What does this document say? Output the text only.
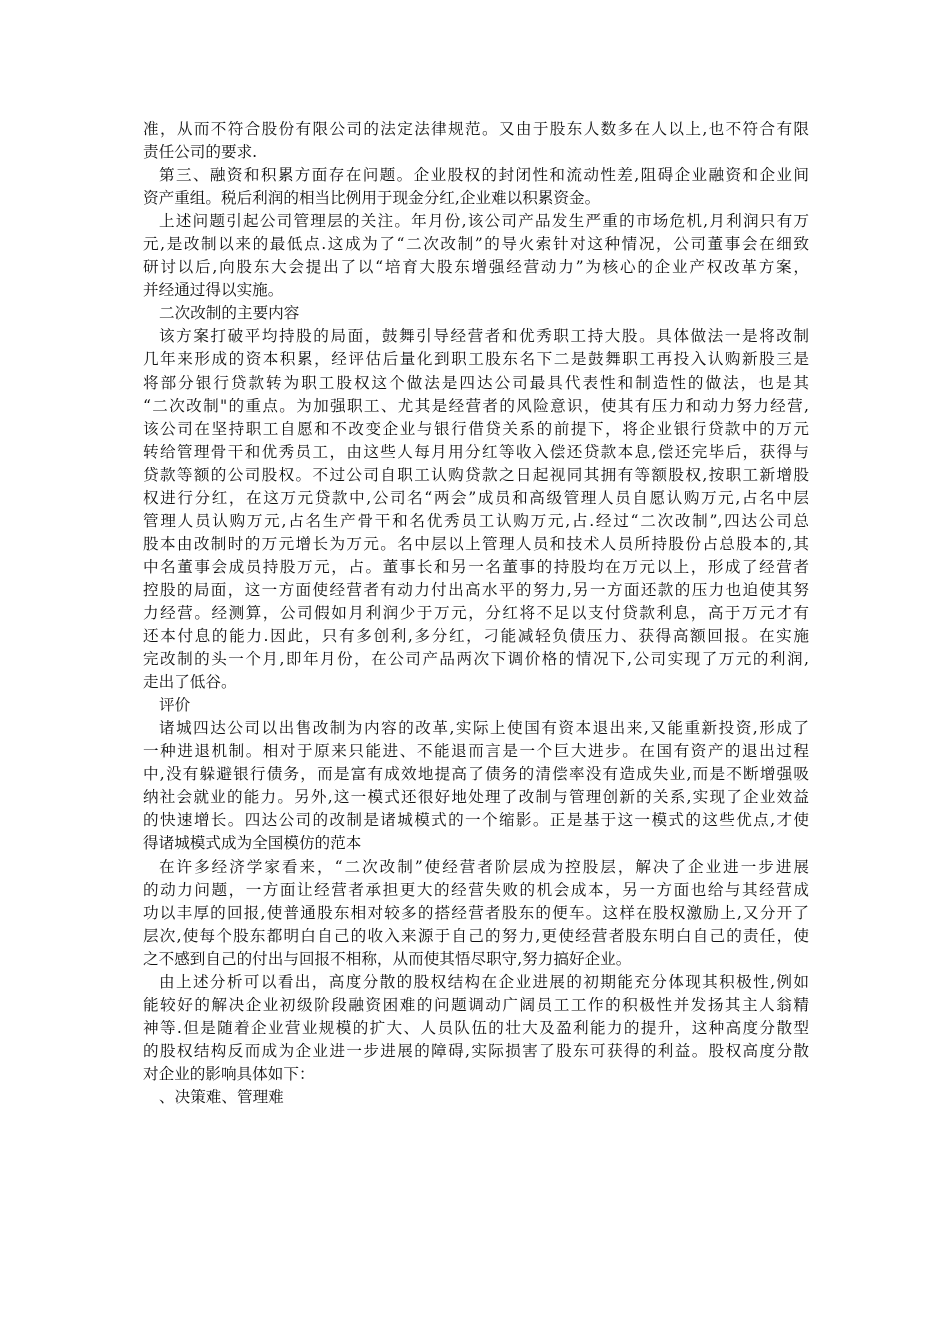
准，从而不符合股份有限公司的法定法律规范。又由于股东人数多在人以上,也不符合有限
责任公司的要求.
第三、融资和积累方面存在问题。企业股权的封闭性和流动性差,阻碍企业融资和企业间
资产重组。税后利润的相当比例用于现金分红,企业难以积累资金。
上述问题引起公司管理层的关注。年月份,该公司产品发生严重的市场危机,月利润只有万
元,是改制以来的最低点.这成为了“二次改制”的导火索针对这种情况，公司董事会在细致
研讨以后,向股东大会提出了以“培育大股东增强经营动力”为核心的企业产权改革方案，
并经通过得以实施。
二次改制的主要内容
该方案打破平均持股的局面，鼓舞引导经营者和优秀职工持大股。具体做法一是将改制
几年来形成的资本积累，经评估后量化到职工股东名下二是鼓舞职工再投入认购新股三是
将部分银行贷款转为职工股权这个做法是四达公司最具代表性和制造性的做法，也是其
“二次改制"的重点。为加强职工、尤其是经营者的风险意识，使其有压力和动力努力经营,
该公司在坚持职工自愿和不改变企业与银行借贷关系的前提下，将企业银行贷款中的万元
转给管理骨干和优秀员工，由这些人每月用分红等收入偿还贷款本息,偿还完毕后，获得与
贷款等额的公司股权。不过公司自职工认购贷款之日起视同其拥有等额股权,按职工新增股
权进行分红，在这万元贷款中,公司名“两会”成员和高级管理人员自愿认购万元,占名中层
管理人员认购万元,占名生产骨干和名优秀员工认购万元,占.经过“二次改制”,四达公司总
股本由改制时的万元增长为万元。名中层以上管理人员和技术人员所持股份占总股本的,其
中名董事会成员持股万元，占。董事长和另一名董事的持股均在万元以上，形成了经营者
控股的局面，这一方面使经营者有动力付出高水平的努力,另一方面还款的压力也迫使其努
力经营。经测算，公司假如月利润少于万元，分红将不足以支付贷款利息，高于万元才有
还本付息的能力.因此，只有多创利,多分红，刁能减轻负债压力、获得高额回报。在实施
完改制的头一个月,即年月份，在公司产品两次下调价格的情况下,公司实现了万元的利润,
走出了低谷。
评价
诸城四达公司以出售改制为内容的改革,实际上使国有资本退出来,又能重新投资,形成了
一种进退机制。相对于原来只能进、不能退而言是一个巨大进步。在国有资产的退出过程
中,没有躲避银行债务，而是富有成效地提高了债务的清偿率没有造成失业,而是不断增强吸
纳社会就业的能力。另外,这一模式还很好地处理了改制与管理创新的关系,实现了企业效益
的快速增长。四达公司的改制是诸城模式的一个缩影。正是基于这一模式的这些优点,才使
得诸城模式成为全国模仿的范本
在许多经济学家看来，“二次改制”使经营者阶层成为控股层，解决了企业进一步进展
的动力问题，一方面让经营者承担更大的经营失败的机会成本，另一方面也给与其经营成
功以丰厚的回报,使普通股东相对较多的搭经营者股东的便车。这样在股权激励上,又分开了
层次,使每个股东都明白自己的收入来源于自己的努力,更使经营者股东明白自己的责任，使
之不感到自己的付出与回报不相称，从而使其悟尽职守,努力搞好企业。
由上述分析可以看出，高度分散的股权结构在企业进展的初期能充分体现其积极性,例如
能较好的解决企业初级阶段融资困难的问题调动广阔员工工作的积极性并发扬其主人翁精
神等.但是随着企业营业规模的扩大、人员队伍的壮大及盈利能力的提升，这种高度分散型
的股权结构反而成为企业进一步进展的障碍,实际损害了股东可获得的利益。股权高度分散
对企业的影响具体如下：
、决策难、管理难
